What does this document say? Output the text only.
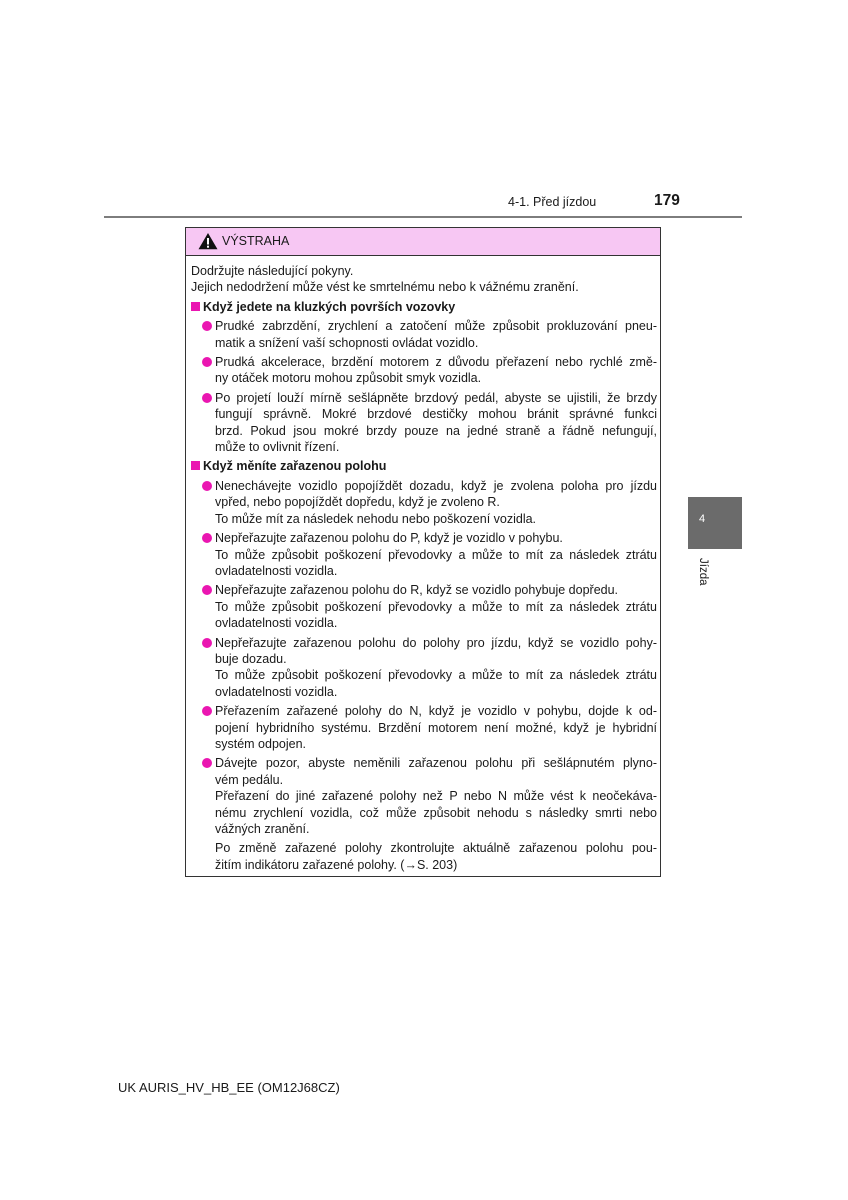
4-1. Před jízdou	179
4
Jízda
VÝSTRAHA
Dodržujte následující pokyny.
Jejich nedodržení může vést ke smrtelnému nebo k vážnému zranění.
Když jedete na kluzkých površích vozovky
Prudké zabrzdění, zrychlení a zatočení může způsobit prokluzování pneu-
matik a snížení vaší schopnosti ovládat vozidlo.
Prudká akcelerace, brzdění motorem z důvodu přeřazení nebo rychlé změ-
ny otáček motoru mohou způsobit smyk vozidla.
Po projetí louží mírně sešlápněte brzdový pedál, abyste se ujistili, že brzdy
fungují správně. Mokré brzdové destičky mohou bránit správné funkci
brzd. Pokud jsou mokré brzdy pouze na jedné straně a řádně nefungují,
může to ovlivnit řízení.
Když měníte zařazenou polohu
Nenechávejte vozidlo popojíždět dozadu, když je zvolena poloha pro jízdu
vpřed, nebo popojíždět dopředu, když je zvoleno R.
To může mít za následek nehodu nebo poškození vozidla.
Nepřeřazujte zařazenou polohu do P, když je vozidlo v pohybu.
To může způsobit poškození převodovky a může to mít za následek ztrátu
ovladatelnosti vozidla.
Nepřeřazujte zařazenou polohu do R, když se vozidlo pohybuje dopředu.
To může způsobit poškození převodovky a může to mít za následek ztrátu
ovladatelnosti vozidla.
Nepřeřazujte zařazenou polohu do polohy pro jízdu, když se vozidlo pohy-
buje dozadu.
To může způsobit poškození převodovky a může to mít za následek ztrátu
ovladatelnosti vozidla.
Přeřazením zařazené polohy do N, když je vozidlo v pohybu, dojde k od-
pojení hybridního systému. Brzdění motorem není možné, když je hybridní
systém odpojen.
Dávejte pozor, abyste neměnili zařazenou polohu při sešlápnutém plyno-
vém pedálu.
Přeřazení do jiné zařazené polohy než P nebo N může vést k neočekáva-
nému zrychlení vozidla, což může způsobit nehodu s následky smrti nebo
vážných zranění.
Po změně zařazené polohy zkontrolujte aktuálně zařazenou polohu pou-
žitím indikátoru zařazené polohy. (→S. 203)
UK AURIS_HV_HB_EE (OM12J68CZ)
